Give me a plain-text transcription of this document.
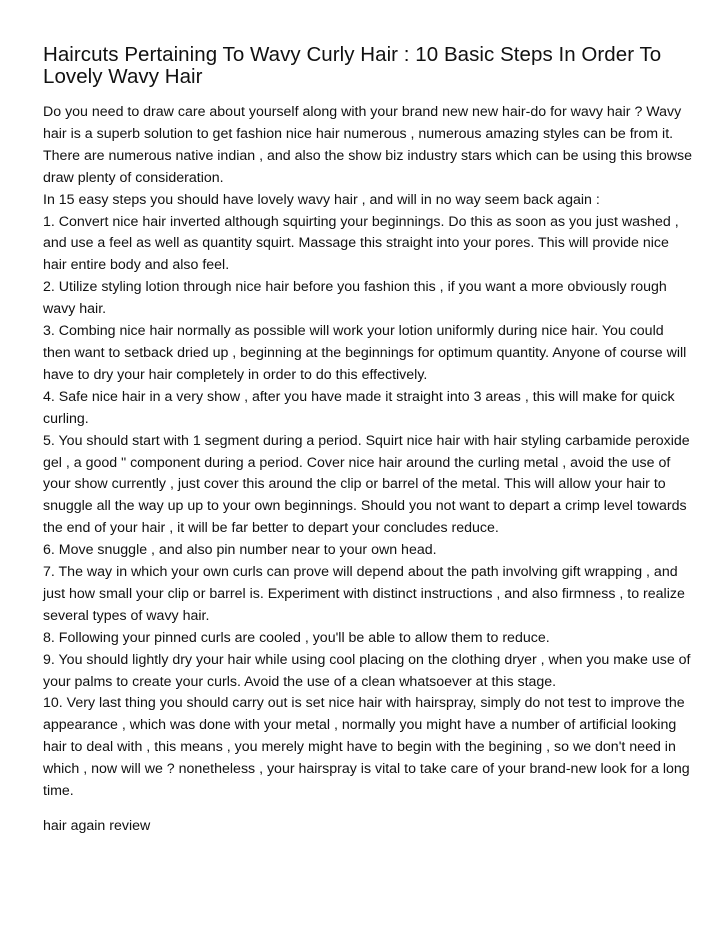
Haircuts Pertaining To Wavy Curly Hair : 10 Basic Steps In Order To Lovely Wavy Hair

Do you need to draw care about yourself along with your brand new new hair-do for wavy hair ? Wavy hair is a superb solution to get fashion nice hair numerous , numerous amazing styles can be from it. There are numerous native indian , and also the show biz industry stars which can be using this browse draw plenty of consideration.

In 15 easy steps you should have lovely wavy hair , and will in no way seem back again :

1. Convert nice hair inverted although squirting your beginnings. Do this as soon as you just washed , and use a feel as well as quantity squirt. Massage this straight into your pores. This will provide nice hair entire body and also feel.

2. Utilize styling lotion through nice hair before you fashion this , if you want a more obviously rough wavy hair.

3. Combing nice hair normally as possible will work your lotion uniformly during nice hair. You could then want to setback dried up , beginning at the beginnings for optimum quantity. Anyone of course will have to dry your hair completely in order to do this effectively.

4. Safe nice hair in a very show , after you have made it straight into 3 areas , this will make for quick curling.

5. You should start with 1 segment during a period. Squirt nice hair with hair styling carbamide peroxide gel , a good " component during a period. Cover nice hair around the curling metal , avoid the use of your show currently , just cover this around the clip or barrel of the metal. This will allow your hair to snuggle all the way up up to your own beginnings. Should you not want to depart a crimp level towards the end of your hair , it will be far better to depart your concludes reduce.

6. Move snuggle , and also pin number near to your own head.

7. The way in which your own curls can prove will depend about the path involving gift wrapping , and just how small your clip or barrel is. Experiment with distinct instructions , and also firmness , to realize several types of wavy hair.

8. Following your pinned curls are cooled , you'll be able to allow them to reduce.

9. You should lightly dry your hair while using cool placing on the clothing dryer , when you make use of your palms to create your curls. Avoid the use of a clean whatsoever at this stage.

10. Very last thing you should carry out is set nice hair with hairspray, simply do not test to improve the appearance , which was done with your metal , normally you might have a number of artificial looking hair to deal with , this means , you merely might have to begin with the begining , so we don't need in which , now will we ? nonetheless , your hairspray is vital to take care of your brand-new look for a long time.

hair again review
